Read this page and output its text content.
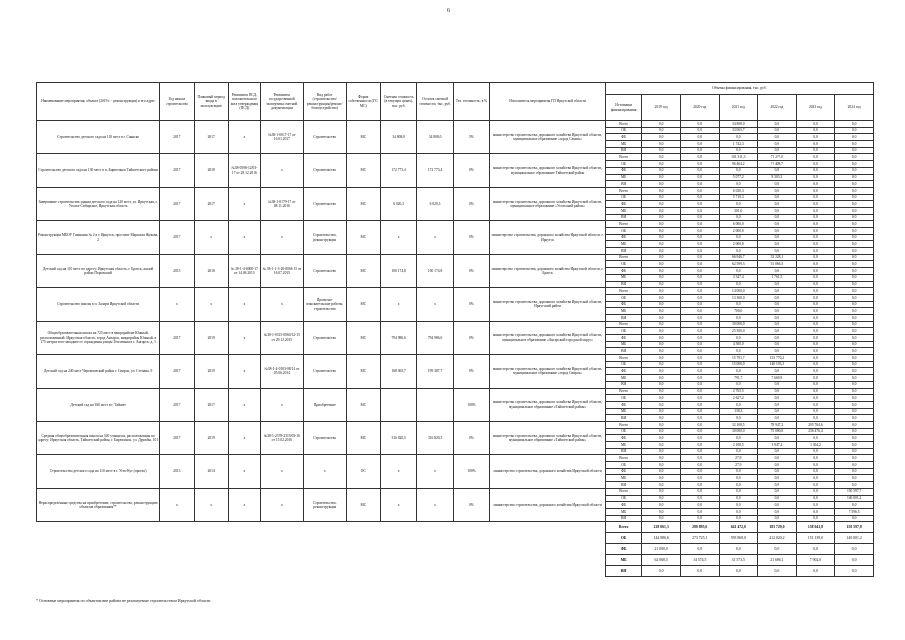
6
Наименование мероприятия, объекта (2019 г. - реконструкция) и его адрес	Год начала строительства	Плановый период ввода в эксплуатацию	Реквизиты ПСД, положительного акта утверждения (ПСД)	Реквизиты государственной экспертизы сметной документации	Вид работ (строительство/реконструкция/ремонт/благоустройство)	Форма собственности (ГС/МС)	Сметная стоимость (в текущих ценах), тыс. руб.	Остаток сметной стоимости, тыс. руб.	Тех. готовность, в %	Исполнитель мероприятия ГП Иркутской области	Объемы финансирования, тыс. руб.						
											Источники финансирования	2019 год	2020 год	2021 год	2022 год	2023 год	2024 год
Строительство детского сада на 110 мест в г. Саянске	2017	2017	х	№38-1-0017-17 от 16.01.2017	Строительство	МС	34 808,0	34 808,0	5%	министерство строительства, дорожного хозяйства Иркутской области, муниципальное образование «город Саянск»	Всего	0,0	0,0	34 808,0	0,0	0,0	0,0
											ОБ	0,0	0,0	33 065,7	0,0	0,0	0,0
											ФБ	0,0	0,0	0,0	0,0	0,0	0,0
											МБ	0,0	0,0	1 742,3	0,0	0,0	0,0
											ВИ	0,0	0,0	0,0	0,0	0,0	0,0
Строительство детского сада на 130 мест в п. Бирюсинск Тайшетского района	2017	2018	№38-0598-12/03-17 от 29.12.2016	х	Строительство	МС	172 773,4	172 773,4	0%	министерство строительства, дорожного хозяйства Иркутской области, муниципальное образование Тайшетский район	Всего	0,0	0,0	101 311,3	71 2??,0	0,0	0,0
											ОБ	0,0	0,0	96 404,2	?? 408,7	0,0	0,0
											ФБ	0,0	0,0	0,0	0,0	0,0	0,0
											МБ	0,0	0,0	5 077,2	8 303,3	0,0	0,0
											ВИ	0,0	0,0	0,0	0,0	0,0	0,0
Завершение строительства здания детского сада на 120 мест, ул. Иркутская, г. Усолье-Сибирское, Иркутская область	2017	2017	х	№38-1-0179-17 от 08.11.2016	Строительство	МС	6 020,3	6 020,3	0%	министерство строительства, дорожного хозяйства Иркутской области, муниципальное образование «Усольский район»	Всего	0,0	0,0	6 020,3	0,0	0,0	0,0
											ОБ	0,0	0,0	5 719,3	0,0	0,0	0,0
											ФБ	0,0	0,0	0,0	0,0	0,0	0,0
											МБ	0,0	0,0	301,0	0,0	0,0	0,0
											ВИ	0,0	0,0	0,0	0,0	0,0	0,0
Реконструкция МБОУ Гимназия № 2 в г. Иркутск, проспект Маршала Жукова, 2	2017	х	х	х	Строительство, реконструкция	МС	х	х	0%	министерство строительства, дорожного хозяйства Иркутской области, г. Иркутск	Всего	0,0	0,0	6 000,0	0,0	0,0	0,0
											ОБ	0,0	0,0	2 000,0	0,0	0,0	0,0
											ФБ	0,0	0,0	0,0	0,0	0,0	0,0
											МБ	0,0	0,0	2 000,0	0,0	0,0	0,0
											ВИ	0,0	0,0	0,0	0,0	0,0	0,0
Детский сад на 110 мест по адресу: Иркутская область, г. Братск, жилой район Порожский	2015	2018	№ 38-1-4-0000-17 от 14.06.2013	№ 38-1-1-3-20-0066 15 от 16.07.2015	Строительство	МС	100 174,8	100 174,8	0%	министерство строительства, дорожного хозяйства Иркутской области, г. Братск	Всего	0,0	0,0	66 946,7	33 228,1	0,0	0,0
											ОБ	0,0	0,0	62 599,3	31 066,5	0,0	0,0
											ФБ	0,0	0,0	0,0	0,0	0,0	0,0
											МБ	0,0	0,0	3 347,4	1 761,5	0,0	0,0
											ВИ	0,0	0,0	0,0	0,0	0,0	0,0
Строительство школы в п. Залари Иркутской области	х	х	х	х	Проектно-изыскательские работы, строительство	МС	х	х	0%	министерство строительства, дорожного хозяйства Иркутской области, Иркутский район	Всего	0,0	0,0	14 000,0	0,0	0,0	0,0
											ОБ	0,0	0,0	13 300,0	0,0	0,0	0,0
											ФБ	0,0	0,0	0,0	0,0	0,0	0,0
											МБ	0,0	0,0	700,0	0,0	0,0	0,0
											ВИ	0,0	0,0	0,0	0,0	0,0	0,0
Общеобразовательная школа на 725 мест в микрорайоне Южный, расположенный: Иркутская область, город Ангарск, микрорайон Южный, в 175 метрах юго-западнее от ограждения улицы Тепличная в г. Ангарск, д. 1	2017	2019	х	№38-1-0315-0060/12-15 от 29.12.2015	Строительство	МС	794 986,6	794 986,6	0%	министерство строительства, дорожного хозяйства Иркутской области, муниципальное образование «Ангарский городской округ»	Всего	0,0	0,0	30 000,0	0,0	0,0	0,0
											ОБ	0,0	0,0	25 500,0	0,0	0,0	0,0
											ФБ	0,0	0,0	0,0	0,0	0,0	0,0
											МБ	0,0	0,0	4 500,0	0,0	0,0	0,0
											ВИ	0,0	0,0	0,0	0,0	0,0	0,0
Детский сад на 240 мест Черемховский район г. Свирск, ул. Степана, 9	2017	2019	х	№38-1-4-0183-08/14 от 05.06.2014	Строительство	МС	168 365,7	199 387,7	0%	министерство строительства, дорожного хозяйства Иркутской области, муниципальное образование «город Свирск»	Всего	0,0	0,0	15 791,7	153 770,2	0,0	0,0
											ОБ	0,0	0,0	15 000,0	146 103,3	0,0	0,0
											ФБ	0,0	0,0	0,0	0,0	0,0	0,0
											МБ	0,0	0,0	791,7	7 669,9	0,0	0,0
											ВИ	0,0	0,0	0,0	0,0	0,0	0,0
Детский сад на 160 мест в г. Тайшет	2017	2017	х	х	Приобретение	МС			100%	министерство строительства, дорожного хозяйства Иркутской области, муниципальное образование «Тайшетский район»	Всего	0,0	0,0	2 765,5	0,0	0,0	0,0
											ОБ	0,0	0,0	2 627,2	0,0	0,0	0,0
											ФБ	0,0	0,0	0,0	0,0	0,0	0,0
											МБ	0,0	0,0	138,3	0,0	0,0	0,0
											ВИ	0,0	0,0	0,0	0,0	0,0	0,0
Средняя общеобразовательная школа на 520 учащихся, расположенная по адресу: Иркутская область, Тайшетский район, г. Бирюсинск, ул. Дружбы, 101	2017	2019	х	№38-1-2378-2319/03-16 от 15.02.2016	Строительство	МС	316 820,5	316 820,5	0%	министерство строительства, дорожного хозяйства Иркутской области, муниципальное образование «Тайшетский район»	Всего	0,0	0,0	32 108,5	78 947,2	205 764,6	0,0
											ОБ	0,0	0,0	30 000,0	75 000,0	256 476,4	0,0
											ФБ	0,0	0,0	0,0	0,0	0,0	0,0
											МБ	0,0	0,0	2 108,5	3 947,4	1 304,2	0,0
											ВИ	0,0	0,0	0,0	0,0	0,0	0,0
Строительство детского сада на 110 мест в г. Усть-Кут (проект)	2013	2014	х	х	х	ОС	х	х	100%	министерство строительства, дорожного хозяйства Иркутской области	Всего	0,0	0,0	27,9	0,0	0,0	0,0
											ОБ	0,0	0,0	27,9	0,0	0,0	0,0
											ФБ	0,0	0,0	0,0	0,0	0,0	0,0
											МБ	0,0	0,0	0,0	0,0	0,0	0,0
											ВИ	0,0	0,0	0,0	0,0	0,0	0,0
Нераспределенные средства на приобретение, строительство, реконструкцию объектов образования**	х	х	х	х	Строительство, реконструкция	МС	х	х	0%	министерство строительства, дорожного хозяйства Иркутской области	Всего	0,0	0,0	0,0	0,0	0,0	150 597,7
											ОБ	0,0	0,0	0,0	0,0	0,0	140 001,2
											ФБ	0,0	0,0	0,0	0,0	0,0	0,0
											МБ	0,0	0,0	0,0	0,0	0,0	7 596,5
											ВИ	0,0	0,0	0,0	0,0	0,0	0,0
											Всего	228 061,3	280 895,6	641 472,0	183 729,0	158 041,8	150 597,8
											ОБ	144 986,6	273 725,1	593 868,0	412 020,2	151 139,0	140 001,2
											ФБ	21 000,0	0,0	0,0	0,0	0,0	0,0
											МБ	62 068,5	14 574,5	31 573,5	21 686,1	7 902,0	0,0
											ВИ	0,0	0,0	0,0	0,0	0,0	0,0
* Основные мероприятия по объектам вне района не реализуемые строительством Иркутской области
